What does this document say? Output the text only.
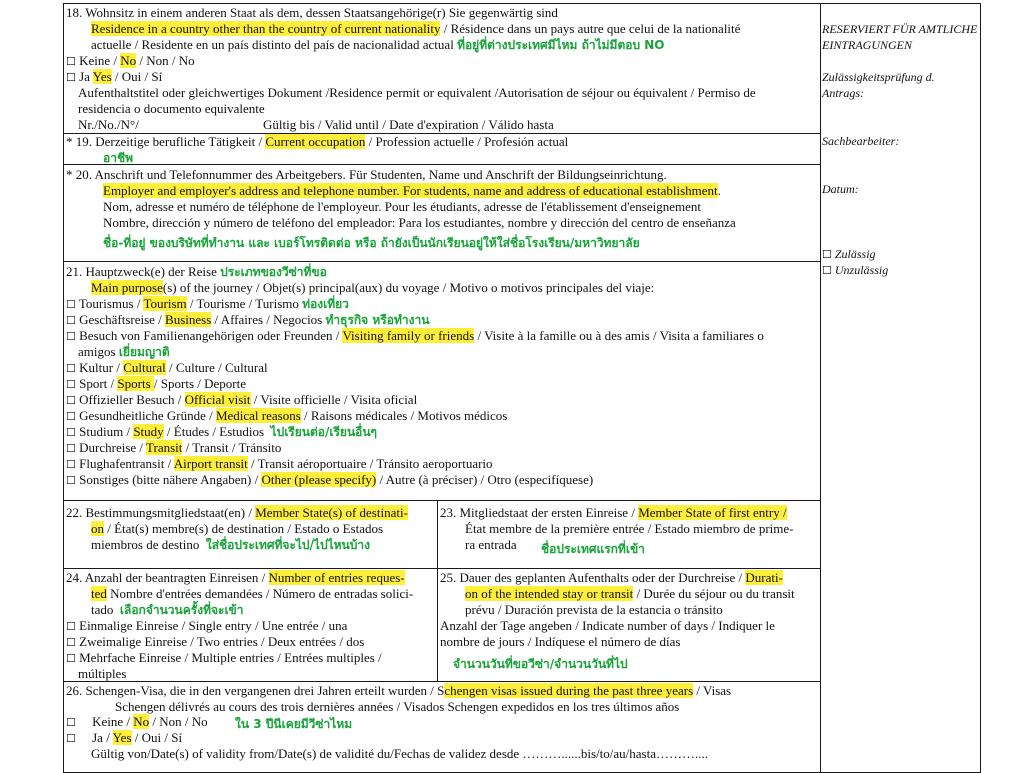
18. Wohnsitz in einem anderen Staat als dem, dessen Staatsangehörige(r) Sie gegenwärtig sind
Residence in a country other than the country of current nationality / Résidence dans un pays autre que celui de la nationalité
actuelle / Residente en un país distinto del país de nacionalidad actual ที่อยู่ที่ต่างประเทศมีไหม ถ้าไม่มีตอบ NO
☐ Keine / No / Non / No
☐ Ja Yes / Oui / Sí
Aufenthaltstitel oder gleichwertiges Dokument /Residence permit or equivalent /Autorisation de séjour ou équivalent / Permiso de
residencia o documento equivalente
Nr./No./N°/	Gültig bis / Valid until / Date d'expiration / Válido hasta
* 19. Derzeitige berufliche Tätigkeit / Current occupation / Profession actuelle / Profesión actual
อาชีพ
* 20. Anschrift und Telefonnummer des Arbeitgebers. Für Studenten, Name und Anschrift der Bildungseinrichtung.
Employer and employer's address and telephone number. For students, name and address of educational establishment.
Nom, adresse et numéro de téléphone de l'employeur. Pour les étudiants, adresse de l'établissement d'enseignement
Nombre, dirección y número de teléfono del empleador: Para los estudiantes, nombre y dirección del centro de enseñanza
ชื่อ-ที่อยู่ ของบริษัทที่ทำงาน และ เบอร์โทรติดต่อ หรือ ถ้ายังเป็นนักเรียนอยู่ให้ใส่ชื่อโรงเรียน/มหาวิทยาลัย
21. Hauptzweck(e) der Reise ประเภทของวีซ่าที่ขอ
Main purpose(s) of the journey / Objet(s) principal(aux) du voyage / Motivo o motivos principales del viaje:
☐ Tourismus / Tourism / Tourisme / Turismo ท่องเที่ยว
☐ Geschäftsreise / Business / Affaires / Negocios ทำธุรกิจ หรือทำงาน
☐ Besuch von Familienangehörigen oder Freunden / Visiting family or friends / Visite à la famille ou à des amis / Visita a familiares o
amigos เยี่ยมญาติ
☐ Kultur / Cultural / Culture / Cultural
☐ Sport / Sports / Sports / Deporte
☐ Offizieller Besuch / Official visit / Visite officielle / Visita oficial
☐ Gesundheitliche Gründe / Medical reasons / Raisons médicales / Motivos médicos
☐ Studium / Study / Études / Estudios ไปเรียนต่อ/เรียนอื่นๆ
☐ Durchreise / Transit / Transit / Tránsito
☐ Flughafentransit / Airport transit / Transit aéroportuaire / Tránsito aeroportuario
☐ Sonstiges (bitte nähere Angaben) / Other (please specify) / Autre (à préciser) / Otro (especifíquese)
22. Bestimmungsmitgliedstaat(en) / Member State(s) of destinati-
on / État(s) membre(s) de destination / Estado o Estados
miembros de destino ใส่ชื่อประเทศที่จะไป/ไปไหนบ้าง
23. Mitgliedstaat der ersten Einreise / Member State of first entry /
État membre de la première entrée / Estado miembro de prime-
ra entrada ชื่อประเทศแรกที่เข้า
24. Anzahl der beantragten Einreisen / Number of entries reques-
ted Nombre d'entrées demandées / Número de entradas solici-
tado เลือกจำนวนครั้งที่จะเข้า
☐ Einmalige Einreise / Single entry / Une entrée / una
☐ Zweimalige Einreise / Two entries / Deux entrées / dos
☐ Mehrfache Einreise / Multiple entries / Entrées multiples /
múltiples
25. Dauer des geplanten Aufenthalts oder der Durchreise / Durati-
on of the intended stay or transit / Durée du séjour ou du transit
prévu / Duración prevista de la estancia o tránsito
Anzahl der Tage angeben / Indicate number of days / Indiquer le
nombre de jours / Indíquese el número de días
จำนวนวันที่ขอวีซ่า/จำนวนวันที่ไป
26. Schengen-Visa, die in den vergangenen drei Jahren erteilt wurden / Schengen visas issued during the past three years / Visas
Schengen délivrés au cours des trois dernières années / Visados Schengen expedidos en los tres últimos años
☐ Keine / No / Non / No ใน 3 ปีนีเคยมีวีซ่าไหม
☐ Ja / Yes / Oui / Sí
Gültig von/Date(s) of validity from/Date(s) de validité du/Fechas de validez desde ………......bis/to/au/hasta………....
RESERVIERT FÜR AMTLICHE
EINTRAGUNGEN
Zulässigkeitsprüfung d.
Antrags:
Sachbearbeiter:
Datum:
☐ Zulässig
☐ Unzulässig
